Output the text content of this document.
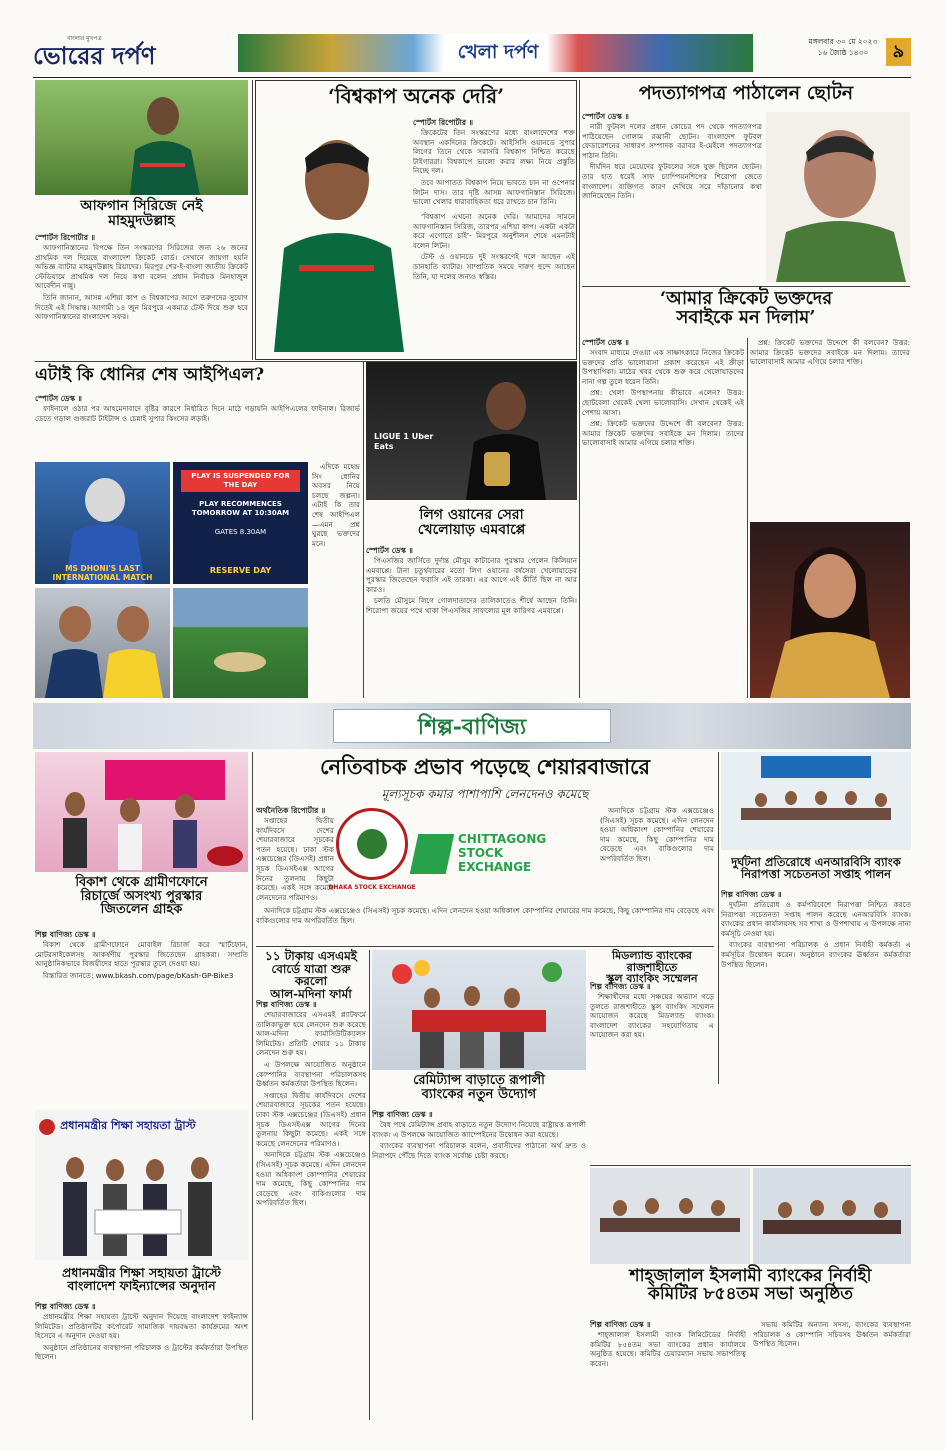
বাংলার মুখপত্র
ভোরের দর্পণ	খেলা দর্পণ	মঙ্গলবার ৩০ মে ২০২৩
১৬ জ্যৈষ্ঠ ১৪৩০	৯
আফগান সিরিজে নেই
মাহমুদউল্লাহ
স্পোর্টস রিপোর্টার ॥

আফগানিস্তানের বিপক্ষে তিন সংস্করণের সিরিজের জন্য ২৬ জনের প্রাথমিক দল দিয়েছে বাংলাদেশ ক্রিকেট বোর্ড। সেখানে জায়গা হয়নি অভিজ্ঞ ব্যাটার মাহমুদউল্লাহ রিয়াদের। মিরপুর শের-ই-বাংলা জাতীয় ক্রিকেট স্টেডিয়ামে প্রাথমিক দল নিয়ে কথা বলেন প্রধান নির্বাচক মিনহাজুল আবেদীন নান্নু।

তিনি জানান, আসন্ন এশিয়া কাপ ও বিশ্বকাপের আগে তরুণদের সুযোগ দিতেই এই সিদ্ধান্ত। আগামী ১৪ জুন মিরপুরে একমাত্র টেস্ট দিয়ে শুরু হবে আফগানিস্তানের বাংলাদেশ সফর।

‘বিশ্বকাপ অনেক দেরি’
স্পোর্টস রিপোর্টার ॥

ক্রিকেটের তিন সংস্করণের মধ্যে বাংলাদেশের শক্ত অবস্থান একদিনের ক্রিকেটে। আইসিসি ওয়ানডে সুপার লিগের তিনে থেকে সরাসরি বিশ্বকাপ নিশ্চিত করেছে টাইগাররা। বিশ্বকাপে ভালো করার লক্ষ্য নিয়ে প্রস্তুতি নিচ্ছে দল।

তবে আপাতত বিশ্বকাপ নিয়ে ভাবতে চান না ওপেনার লিটন দাস। তার দৃষ্টি আসন্ন আফগানিস্তান সিরিজে। ভালো খেলার ধারাবাহিকতা ধরে রাখতে চান তিনি।

‘বিশ্বকাপ এখনো অনেক দেরি। আমাদের সামনে আফগানিস্তান সিরিজ, তারপর এশিয়া কাপ। একটা একটা করে এগোতে চাই’- মিরপুরে অনুশীলন শেষে এমনটাই বলেন লিটন।

টেস্ট ও ওয়ানডে দুই সংস্করণেই দলে আছেন এই ডানহাতি ব্যাটার। সাম্প্রতিক সময়ে দারুণ ছন্দে আছেন তিনি, যা দলের জন্যও স্বস্তির।

পদত্যাগপত্র পাঠালেন ছোটন
স্পোর্টস ডেস্ক ॥

নারী ফুটবল দলের প্রধান কোচের পদ থেকে পদত্যাগপত্র পাঠিয়েছেন গোলাম রব্বানী ছোটন। বাংলাদেশ ফুটবল ফেডারেশনের সাধারণ সম্পাদক বরাবর ই-মেইলে পদত্যাগপত্র পাঠান তিনি।

দীর্ঘদিন ধরে মেয়েদের ফুটবলের সঙ্গে যুক্ত ছিলেন ছোটন। তার হাত ধরেই সাফ চ্যাম্পিয়নশিপের শিরোপা জেতে বাংলাদেশ। ব্যক্তিগত কারণ দেখিয়ে সরে দাঁড়ানোর কথা জানিয়েছেন তিনি।

‘আমার ক্রিকেট ভক্তদের
সবাইকে মন দিলাম’
স্পোর্টস ডেস্ক ॥

সংবাদ মাধ্যমে দেওয়া এক সাক্ষাৎকারে নিজের ক্রিকেট ভক্তদের প্রতি ভালোবাসা প্রকাশ করেছেন এই ক্রীড়া উপস্থাপিকা। মাঠের খবর থেকে শুরু করে খেলোয়াড়দের নানা গল্প তুলে ধরেন তিনি।

প্রশ্ন: খেলা উপস্থাপনায় কীভাবে এলেন? উত্তর: ছোটবেলা থেকেই খেলা ভালোবাসি। সেখান থেকেই এই পেশায় আসা।

প্রশ্ন: ক্রিকেট ভক্তদের উদ্দেশে কী বলবেন? উত্তর: আমার ক্রিকেট ভক্তদের সবাইকে মন দিলাম। তাদের ভালোবাসাই আমার এগিয়ে চলার শক্তি।

প্রশ্ন: ক্রিকেট ভক্তদের উদ্দেশে কী বলবেন? উত্তর: আমার ক্রিকেট ভক্তদের সবাইকে মন দিলাম। তাদের ভালোবাসাই আমার এগিয়ে চলার শক্তি।

এটাই কি ধোনির শেষ আইপিএল?
স্পোর্টস ডেস্ক ॥

ফাইনালে ওঠার পর আহমেদাবাদে বৃষ্টির কারণে নির্ধারিত দিনে মাঠে গড়ায়নি আইপিএলের ফাইনাল। রিজার্ভ ডেতে গড়াল গুজরাট টাইটান্স ও চেন্নাই সুপার কিংসের লড়াই।

MS DHONI'S LAST INTERNATIONAL MATCH
PLAY IS SUSPENDED FOR THE DAY
PLAY RECOMMENCES TOMORROW AT 10:30AM
GATES 8.30AM
RESERVE DAY

এদিকে মহেন্দ্র সিং ধোনির অবসর নিয়ে চলছে জল্পনা। এটাই কি তার শেষ আইপিএল—এমন প্রশ্ন ঘুরছে ভক্তদের মনে।

LIGUE 1 Uber Eats
লিগ ওয়ানের সেরা
খেলোয়াড় এমবাপ্পে
স্পোর্টস ডেস্ক ॥

পিএসজির জার্সিতে দুর্দান্ত মৌসুম কাটানোর পুরস্কার পেলেন কিলিয়ান এমবাপ্পে। টানা চতুর্থবারের মতো লিগ ওয়ানের বর্ষসেরা খেলোয়াড়ের পুরস্কার জিতেছেন ফরাসি এই তারকা। এর আগে এই কীর্তি ছিল না আর কারও।

চলতি মৌসুমে লিগে গোলদাতাদের তালিকাতেও শীর্ষে আছেন তিনি। শিরোপা জয়ের পথে থাকা পিএসজির সাফল্যের মূল কারিগর এমবাপ্পে।

শিল্প-বাণিজ্য
বিকাশ থেকে গ্রামীণফোনে
রিচার্জে অসংখ্য পুরস্কার
জিতলেন গ্রাহক
শিল্প বাণিজ্য ডেস্ক ॥

বিকাশ থেকে গ্রামীণফোনে মোবাইল রিচার্জ করে স্মার্টফোন, মোটরসাইকেলসহ আকর্ষণীয় পুরস্কার জিতেছেন গ্রাহকরা। সম্প্রতি আনুষ্ঠানিকভাবে বিজয়ীদের হাতে পুরস্কার তুলে দেওয়া হয়।

বিস্তারিত জানতে: www.bkash.com/page/bKash-GP-Bike3

প্রধানমন্ত্রীর শিক্ষা সহায়তা ট্রাস্ট
প্রধানমন্ত্রীর শিক্ষা সহায়তা ট্রাস্টে
বাংলাদেশ ফাইন্যান্সের অনুদান
শিল্প বাণিজ্য ডেস্ক ॥

প্রধানমন্ত্রীর শিক্ষা সহায়তা ট্রাস্টে অনুদান দিয়েছে বাংলাদেশ ফাইন্যান্স লিমিটেড। প্রতিষ্ঠানটির কর্পোরেট সামাজিক দায়বদ্ধতা কার্যক্রমের অংশ হিসেবে এ অনুদান দেওয়া হয়।

অনুষ্ঠানে প্রতিষ্ঠানের ব্যবস্থাপনা পরিচালক ও ট্রাস্টের কর্মকর্তারা উপস্থিত ছিলেন।

নেতিবাচক প্রভাব পড়েছে শেয়ারবাজারে
মূল্যসূচক কমার পাশাপাশি লেনদেনও কমেছে
অর্থনৈতিক রিপোর্টার ॥

সপ্তাহের দ্বিতীয় কার্যদিবসে দেশের শেয়ারবাজারে সূচকের পতন হয়েছে। ঢাকা স্টক এক্সচেঞ্জের (ডিএসই) প্রধান সূচক ডিএসইএক্স আগের দিনের তুলনায় কিছুটা কমেছে। একই সঙ্গে কমেছে লেনদেনের পরিমাণও।

DHAKA STOCK EXCHANGE
CHITTAGONG STOCK EXCHANGE

অন্যদিকে চট্টগ্রাম স্টক এক্সচেঞ্জেও (সিএসই) সূচক কমেছে। এদিন লেনদেন হওয়া অধিকাংশ কোম্পানির শেয়ারের দাম কমেছে, কিছু কোম্পানির দাম বেড়েছে এবং বাকিগুলোর দাম অপরিবর্তিত ছিল।

অন্যদিকে চট্টগ্রাম স্টক এক্সচেঞ্জেও (সিএসই) সূচক কমেছে। এদিন লেনদেন হওয়া অধিকাংশ কোম্পানির শেয়ারের দাম কমেছে, কিছু কোম্পানির দাম বেড়েছে এবং বাকিগুলোর দাম অপরিবর্তিত ছিল।

১১ টাকায় এসএমই
বোর্ডে যাত্রা শুরু করলো
আল-মদিনা ফার্মা
শিল্প বাণিজ্য ডেস্ক ॥

শেয়ারবাজারের এসএমই প্ল্যাটফর্মে তালিকাভুক্ত হয়ে লেনদেন শুরু করেছে আল-মদিনা ফার্মাসিউটিক্যালস লিমিটেড। প্রতিটি শেয়ার ১১ টাকায় লেনদেন শুরু হয়।

এ উপলক্ষে আয়োজিত অনুষ্ঠানে কোম্পানির ব্যবস্থাপনা পরিচালকসহ ঊর্ধ্বতন কর্মকর্তারা উপস্থিত ছিলেন।

সপ্তাহের দ্বিতীয় কার্যদিবসে দেশের শেয়ারবাজারে সূচকের পতন হয়েছে। ঢাকা স্টক এক্সচেঞ্জের (ডিএসই) প্রধান সূচক ডিএসইএক্স আগের দিনের তুলনায় কিছুটা কমেছে। একই সঙ্গে কমেছে লেনদেনের পরিমাণও।

অন্যদিকে চট্টগ্রাম স্টক এক্সচেঞ্জেও (সিএসই) সূচক কমেছে। এদিন লেনদেন হওয়া অধিকাংশ কোম্পানির শেয়ারের দাম কমেছে, কিছু কোম্পানির দাম বেড়েছে এবং বাকিগুলোর দাম অপরিবর্তিত ছিল।

রেমিট্যান্স বাড়াতে রূপালী
ব্যাংকের নতুন উদ্যোগ
শিল্প বাণিজ্য ডেস্ক ॥

বৈধ পথে রেমিট্যান্স প্রবাহ বাড়াতে নতুন উদ্যোগ নিয়েছে রাষ্ট্রায়ত্ত রূপালী ব্যাংক। এ উপলক্ষে আয়োজিত ক্যাম্পেইনের উদ্বোধন করা হয়েছে।

ব্যাংকের ব্যবস্থাপনা পরিচালক বলেন, প্রবাসীদের পাঠানো অর্থ দ্রুত ও নিরাপদে পৌঁছে দিতে ব্যাংক সর্বোচ্চ চেষ্টা করছে।

মিডল্যান্ড ব্যাংকের রাজশাহীতে
স্কুল ব্যাংকিং সম্মেলন
শিল্প বাণিজ্য ডেস্ক ॥

শিক্ষার্থীদের মধ্যে সঞ্চয়ের অভ্যাস গড়ে তুলতে রাজশাহীতে স্কুল ব্যাংকিং সম্মেলন আয়োজন করেছে মিডল্যান্ড ব্যাংক। বাংলাদেশ ব্যাংকের সহযোগিতায় এ আয়োজন করা হয়।

দুর্ঘটনা প্রতিরোধে এনআরবিসি ব্যাংক
নিরাপত্তা সচেতনতা সপ্তাহ পালন
শিল্প বাণিজ্য ডেস্ক ॥

দুর্ঘটনা প্রতিরোধ ও কর্মপরিবেশে নিরাপত্তা নিশ্চিত করতে নিরাপত্তা সচেতনতা সপ্তাহ পালন করেছে এনআরবিসি ব্যাংক। ব্যাংকের প্রধান কার্যালয়সহ সব শাখা ও উপশাখায় এ উপলক্ষে নানা কর্মসূচি নেওয়া হয়।

ব্যাংকের ব্যবস্থাপনা পরিচালক ও প্রধান নির্বাহী কর্মকর্তা এ কর্মসূচির উদ্বোধন করেন। অনুষ্ঠানে ব্যাংকের ঊর্ধ্বতন কর্মকর্তারা উপস্থিত ছিলেন।

শাহ্জালাল ইসলামী ব্যাংকের নির্বাহী
কমিটির ৮৫৪তম সভা অনুষ্ঠিত
শিল্প বাণিজ্য ডেস্ক ॥

শাহ্জালাল ইসলামী ব্যাংক লিমিটেডের নির্বাহী কমিটির ৮৫৪তম সভা ব্যাংকের প্রধান কার্যালয়ে অনুষ্ঠিত হয়েছে। কমিটির চেয়ারম্যান সভায় সভাপতিত্ব করেন।

সভায় কমিটির অন্যান্য সদস্য, ব্যাংকের ব্যবস্থাপনা পরিচালক ও কোম্পানি সচিবসহ ঊর্ধ্বতন কর্মকর্তারা উপস্থিত ছিলেন।
